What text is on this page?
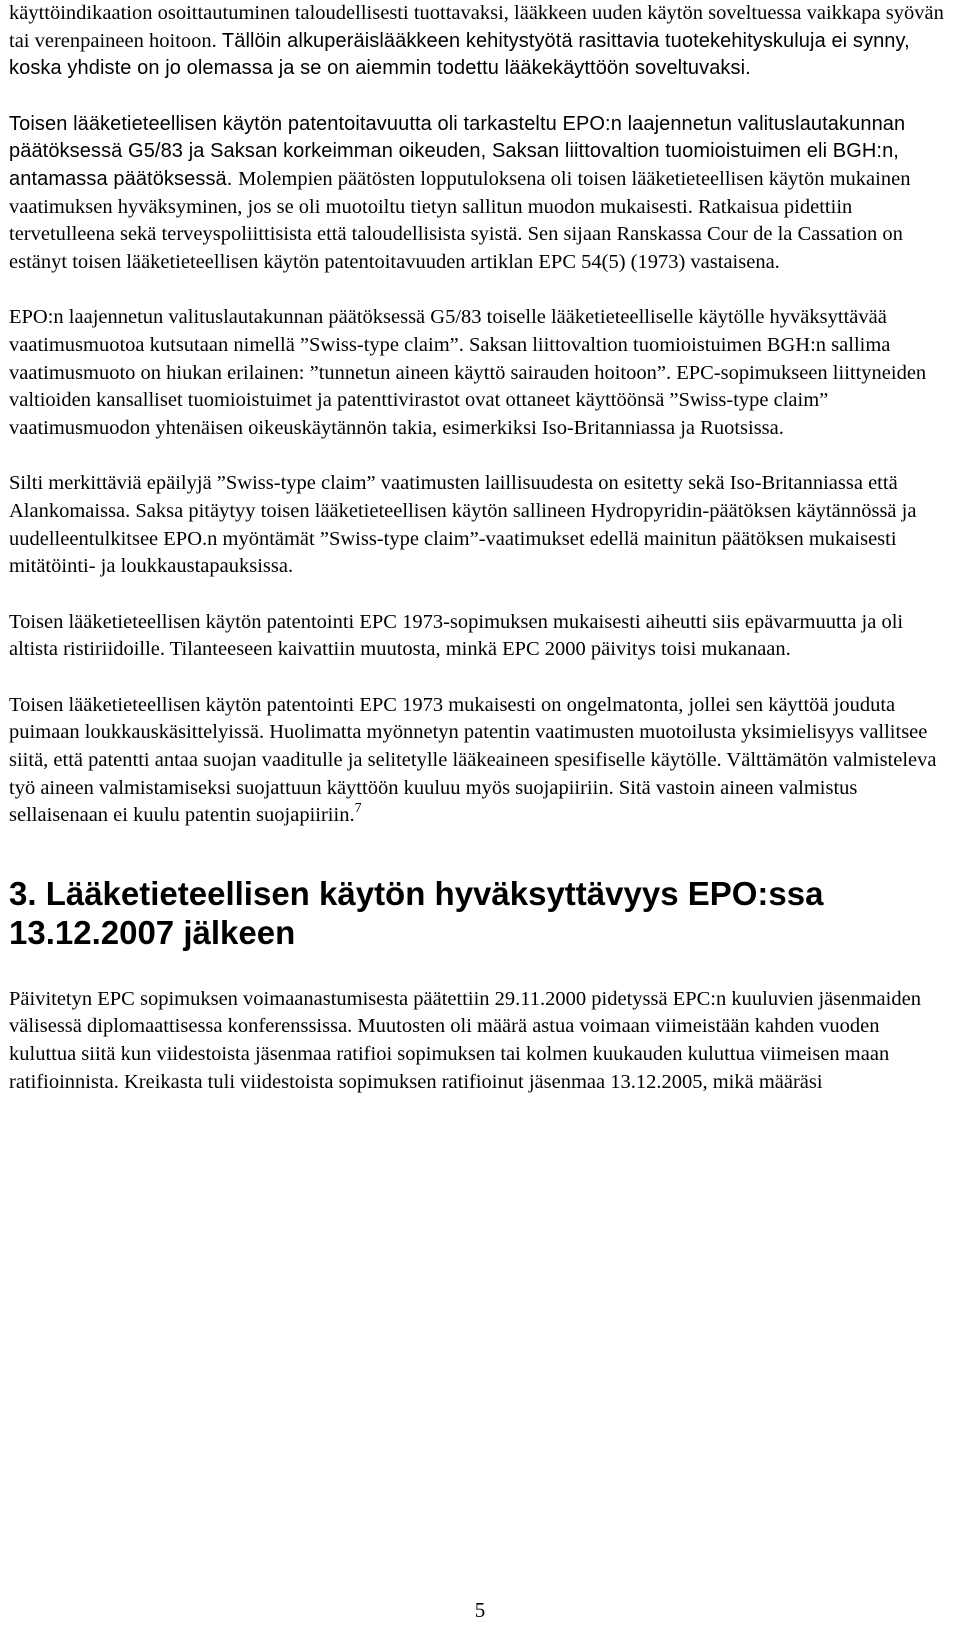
käyttöindikaation osoittautuminen taloudellisesti tuottavaksi, lääkkeen uuden käytön soveltuessa vaikkapa syövän tai verenpaineen hoitoon. Tällöin alkuperäislääkkeen kehitystyötä rasittavia tuotekehityskuluja ei synny, koska yhdiste on jo olemassa ja se on aiemmin todettu lääkekäyttöön soveltuvaksi.

Toisen lääketieteellisen käytön patentoitavuutta oli tarkasteltu EPO:n laajennetun valituslautakunnan päätöksessä G5/83 ja Saksan korkeimman oikeuden, Saksan liittovaltion tuomioistuimen eli BGH:n, antamassa päätöksessä. Molempien päätösten lopputuloksena oli toisen lääketieteellisen käytön mukainen vaatimuksen hyväksyminen, jos se oli muotoiltu tietyn sallitun muodon mukaisesti. Ratkaisua pidettiin tervetulleena sekä terveyspoliittisista että taloudellisista syistä. Sen sijaan Ranskassa Cour de la Cassation on estänyt toisen lääketieteellisen käytön patentoitavuuden artiklan EPC 54(5) (1973) vastaisena.

EPO:n laajennetun valituslautakunnan päätöksessä G5/83 toiselle lääketieteelliselle käytölle hyväksyttävää vaatimusmuotoa kutsutaan nimellä ”Swiss-type claim”. Saksan liittovaltion tuomioistuimen BGH:n sallima vaatimusmuoto on hiukan erilainen: ”tunnetun aineen käyttö sairauden hoitoon”. EPC-sopimukseen liittyneiden valtioiden kansalliset tuomioistuimet ja patenttivirastot ovat ottaneet käyttöönsä ”Swiss-type claim” vaatimusmuodon yhtenäisen oikeuskäytännön takia, esimerkiksi Iso-Britanniassa ja Ruotsissa.

Silti merkittäviä epäilyjä ”Swiss-type claim” vaatimusten laillisuudesta on esitetty sekä Iso-Britanniassa että Alankomaissa. Saksa pitäytyy toisen lääketieteellisen käytön sallineen Hydropyridin-päätöksen käytännössä ja uudelleentulkitsee EPO.n myöntämät ”Swiss-type claim”-vaatimukset edellä mainitun päätöksen mukaisesti mitätöinti- ja loukkaustapauksissa.

Toisen lääketieteellisen käytön patentointi EPC 1973-sopimuksen mukaisesti aiheutti siis epävarmuutta ja oli altista ristiriidoille. Tilanteeseen kaivattiin muutosta, minkä EPC 2000 päivitys toisi mukanaan.

Toisen lääketieteellisen käytön patentointi EPC 1973 mukaisesti on ongelmatonta, jollei sen käyttöä jouduta puimaan loukkauskäsittelyissä. Huolimatta myönnetyn patentin vaatimusten muotoilusta yksimielisyys vallitsee siitä, että patentti antaa suojan vaaditulle ja selitetylle lääkeaineen spesifiselle käytölle. Välttämätön valmisteleva työ aineen valmistamiseksi suojattuun käyttöön kuuluu myös suojapiiriin. Sitä vastoin aineen valmistus sellaisenaan ei kuulu patentin suojapiiriin.$^7$

3. Lääketieteellisen käytön hyväksyttävyys EPO:ssa 13.12.2007 jälkeen

Päivitetyn EPC sopimuksen voimaanastumisesta päätettiin 29.11.2000 pidetyssä EPC:n kuuluvien jäsenmaiden välisessä diplomaattisessa konferenssissa. Muutosten oli määrä astua voimaan viimeistään kahden vuoden kuluttua siitä kun viidestoista jäsenmaa ratifioi sopimuksen tai kolmen kuukauden kuluttua viimeisen maan ratifioinnista. Kreikasta tuli viidestoista sopimuksen ratifioinut jäsenmaa 13.12.2005, mikä määräsi

5
